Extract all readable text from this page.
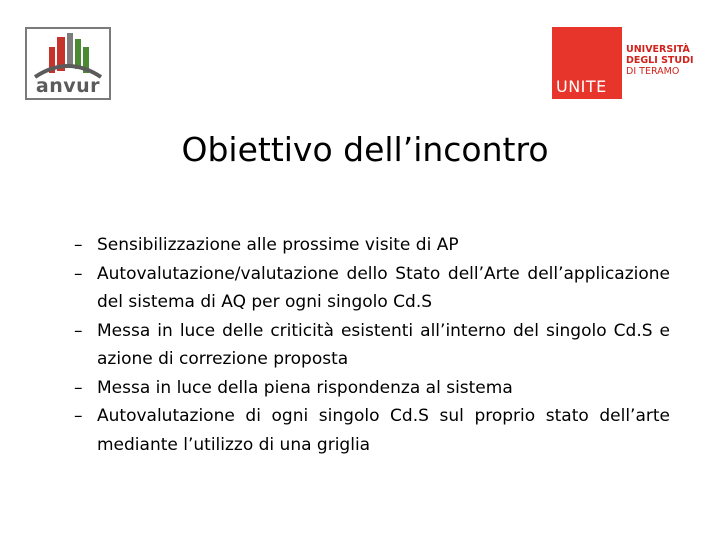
anvur	UNITE
UNIVERSITÀ
DEGLI STUDI
DI TERAMO
Obiettivo dell’incontro
– Sensibilizzazione alle prossime visite di AP
– Autovalutazione/valutazione dello Stato dell’Arte dell’applicazione del sistema di AQ per ogni singolo Cd.S
– Messa in luce delle criticità esistenti all’interno del singolo Cd.S e azione di correzione proposta
– Messa in luce della piena rispondenza al sistema
– Autovalutazione di ogni singolo Cd.S sul proprio stato dell’arte mediante l’utilizzo di una griglia
